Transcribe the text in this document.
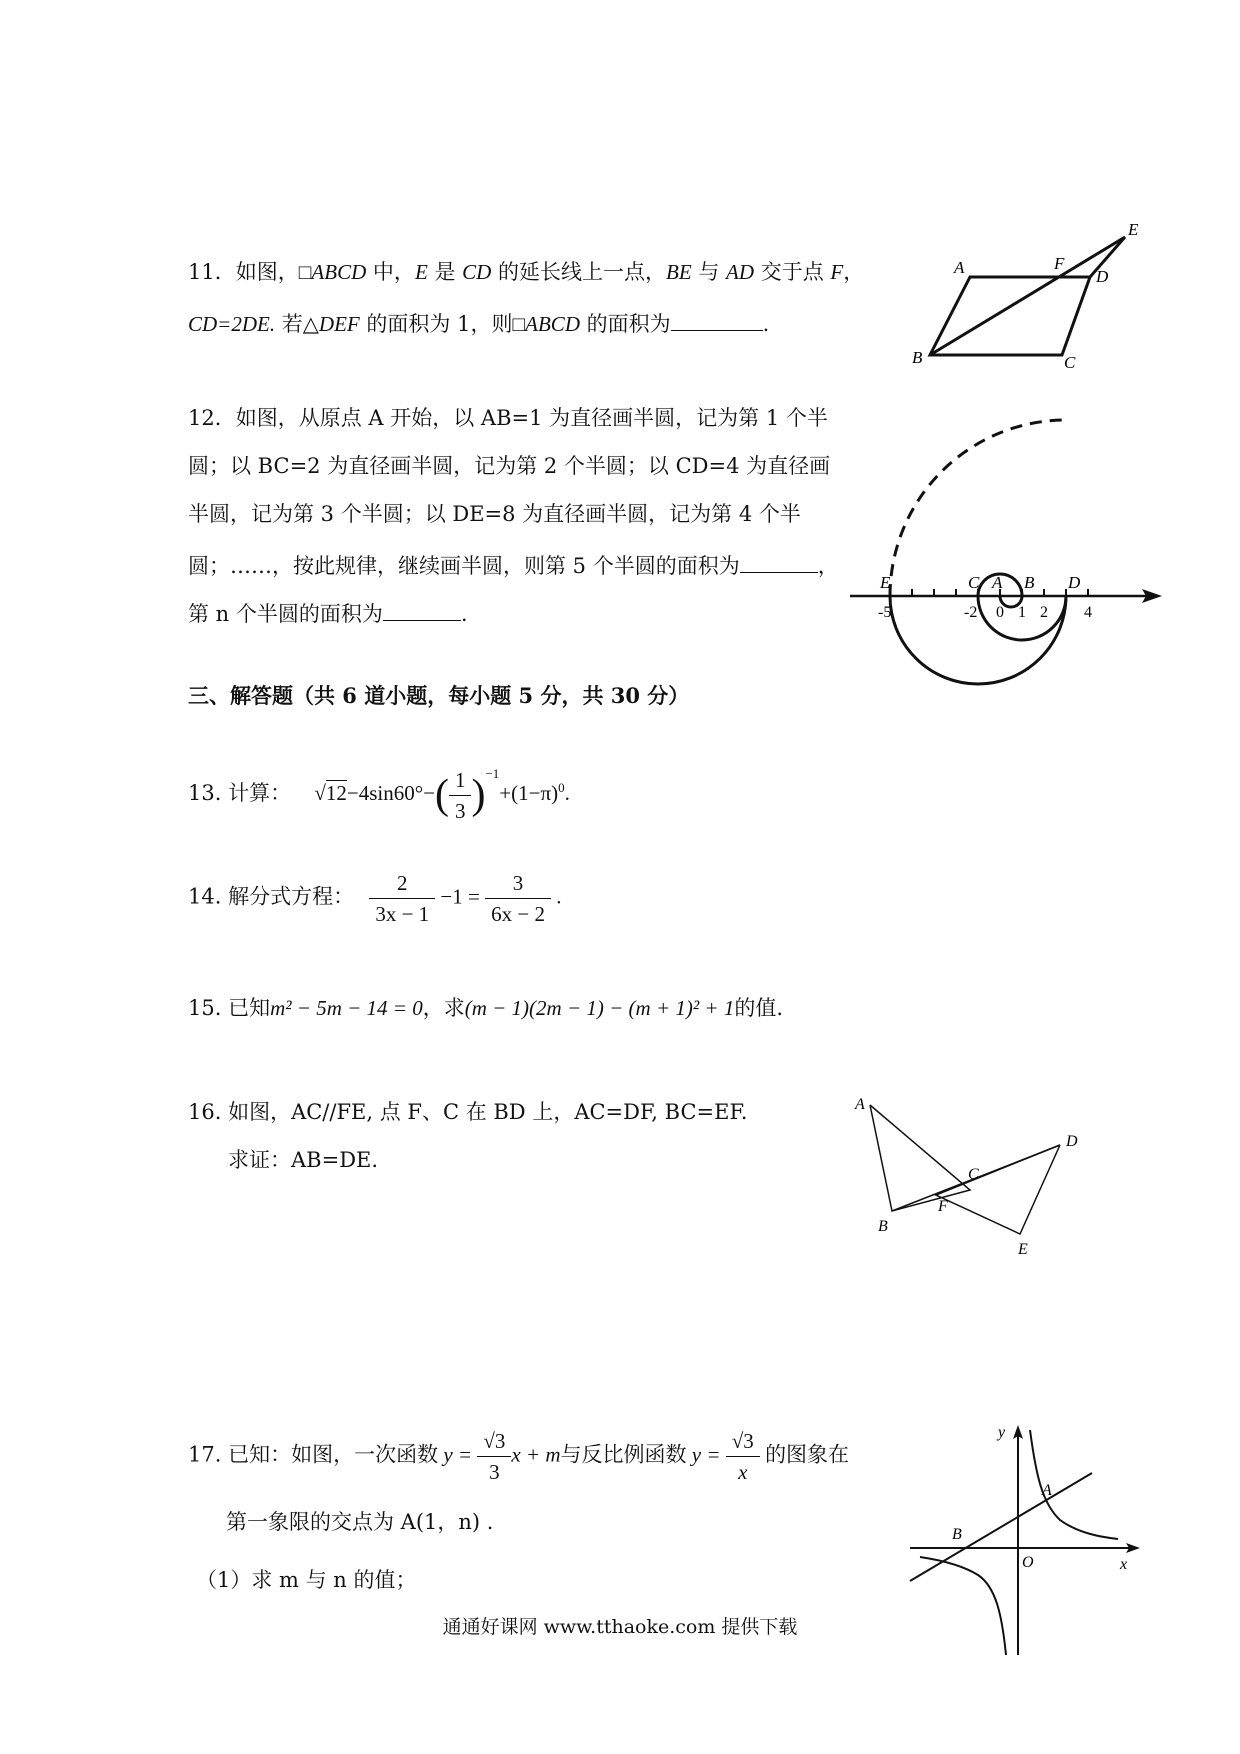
11．如图，□ABCD 中，E 是 CD 的延长线上一点，BE 与 AD 交于点 F，
CD=2DE. 若△DEF 的面积为 1，则□ABCD 的面积为	.
A
B	C
D
E
F
12．如图，从原点 A 开始，以 AB=1 为直径画半圆，记为第 1 个半
圆；以 BC=2 为直径画半圆，记为第 2 个半圆；以 CD=4 为直径画
半圆，记为第 3 个半圆；以 DE=8 为直径画半圆，记为第 4 个半
圆；……，按此规律，继续画半圆，则第 5 个半圆的面积为	，
第 n 个半圆的面积为	.
E	C A B D
-5	-2 0 1 2 4
三、解答题（共 6 道小题，每小题 5 分，共 30 分）
13. 计算： $√12-4\sin 60^\circ-( \frac{1}{3} )^{-1}+(1-\pi)^0$.
14. 解分式方程： $\frac{2}{3x - 1} -1 = \frac{3}{6x - 2}$ .
15. 已知m² − 5m − 14 = 0，求(m − 1)(2m − 1) − (m + 1)² + 1的值.
16. 如图，AC//FE, 点 F、C 在 BD 上，AC=DF, BC=EF.
求证：AB=DE.
A
B
C
D
E
F
17. 已知：如图，一次函数 $y = \frac{√3}{3}$ x + m与反比例函数 $y = \frac{√3}{x}$ 的图象在
第一象限的交点为 A(1，n) .
（1）求 m 与 n 的值；
y
x
A
B
O
通通好课网 www.tthaoke.com 提供下载
